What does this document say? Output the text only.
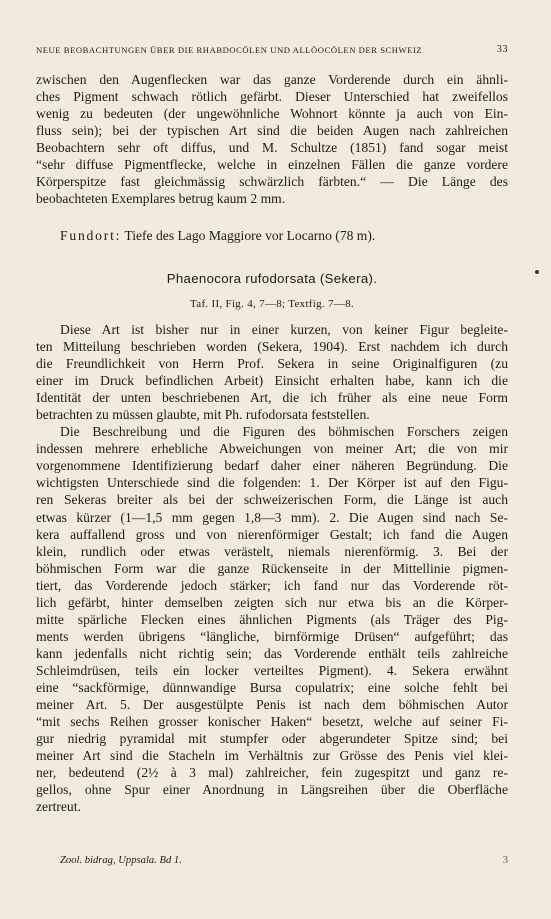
NEUE BEOBACHTUNGEN ÜBER DIE RHABDOCÖLEN UND ALLÖOCÖLEN DER SCHWEIZ	33
zwischen den Augenflecken war das ganze Vorderende durch ein ähnli-
ches Pigment schwach rötlich gefärbt. Dieser Unterschied hat zweifellos
wenig zu bedeuten (der ungewöhnliche Wohnort könnte ja auch von Ein-
fluss sein); bei der typischen Art sind die beiden Augen nach zahlreichen
Beobachtern sehr oft diffus, und M. Schultze (1851) fand sogar meist
“sehr diffuse Pigmentflecke, welche in einzelnen Fällen die ganze vordere
Körperspitze fast gleichmässig schwärzlich färbten.“ — Die Länge des
beobachteten Exemplares betrug kaum 2 mm.
Fundort: Tiefe des Lago Maggiore vor Locarno (78 m).
Phaenocora rufodorsata (Sekera).
Taf. II, Fig. 4, 7—8; Textfig. 7—8.
Diese Art ist bisher nur in einer kurzen, von keiner Figur begleite-
ten Mitteilung beschrieben worden (Sekera, 1904). Erst nachdem ich durch
die Freundlichkeit von Herrn Prof. Sekera in seine Originalfiguren (zu
einer im Druck befindlichen Arbeit) Einsicht erhalten habe, kann ich die
Identität der unten beschriebenen Art, die ich früher als eine neue Form
betrachten zu müssen glaubte, mit Ph. rufodorsata feststellen.
Die Beschreibung und die Figuren des böhmischen Forschers zeigen
indessen mehrere erhebliche Abweichungen von meiner Art; die von mir
vorgenommene Identifizierung bedarf daher einer näheren Begründung. Die
wichtigsten Unterschiede sind die folgenden: 1. Der Körper ist auf den Figu-
ren Sekeras breiter als bei der schweizerischen Form, die Länge ist auch
etwas kürzer (1—1,5 mm gegen 1,8—3 mm). 2. Die Augen sind nach Se-
kera auffallend gross und von nierenförmiger Gestalt; ich fand die Augen
klein, rundlich oder etwas verästelt, niemals nierenförmig. 3. Bei der
böhmischen Form war die ganze Rückenseite in der Mittellinie pigmen-
tiert, das Vorderende jedoch stärker; ich fand nur das Vorderende röt-
lich gefärbt, hinter demselben zeigten sich nur etwa bis an die Körper-
mitte spärliche Flecken eines ähnlichen Pigments (als Träger des Pig-
ments werden übrigens “längliche, birnförmige Drüsen“ aufgeführt; das
kann jedenfalls nicht richtig sein; das Vorderende enthält teils zahlreiche
Schleimdrüsen, teils ein locker verteiltes Pigment). 4. Sekera erwähnt
eine “sackförmige, dünnwandige Bursa copulatrix; eine solche fehlt bei
meiner Art. 5. Der ausgestülpte Penis ist nach dem böhmischen Autor
“mit sechs Reihen grosser konischer Haken“ besetzt, welche auf seiner Fi-
gur niedrig pyramidal mit stumpfer oder abgerundeter Spitze sind; bei
meiner Art sind die Stacheln im Verhältnis zur Grösse des Penis viel klei-
ner, bedeutend (2½ à 3 mal) zahlreicher, fein zugespitzt und ganz re-
gellos, ohne Spur einer Anordnung in Längsreihen über die Oberfläche
zertreut.
Zool. bidrag, Uppsala. Bd 1.	3
